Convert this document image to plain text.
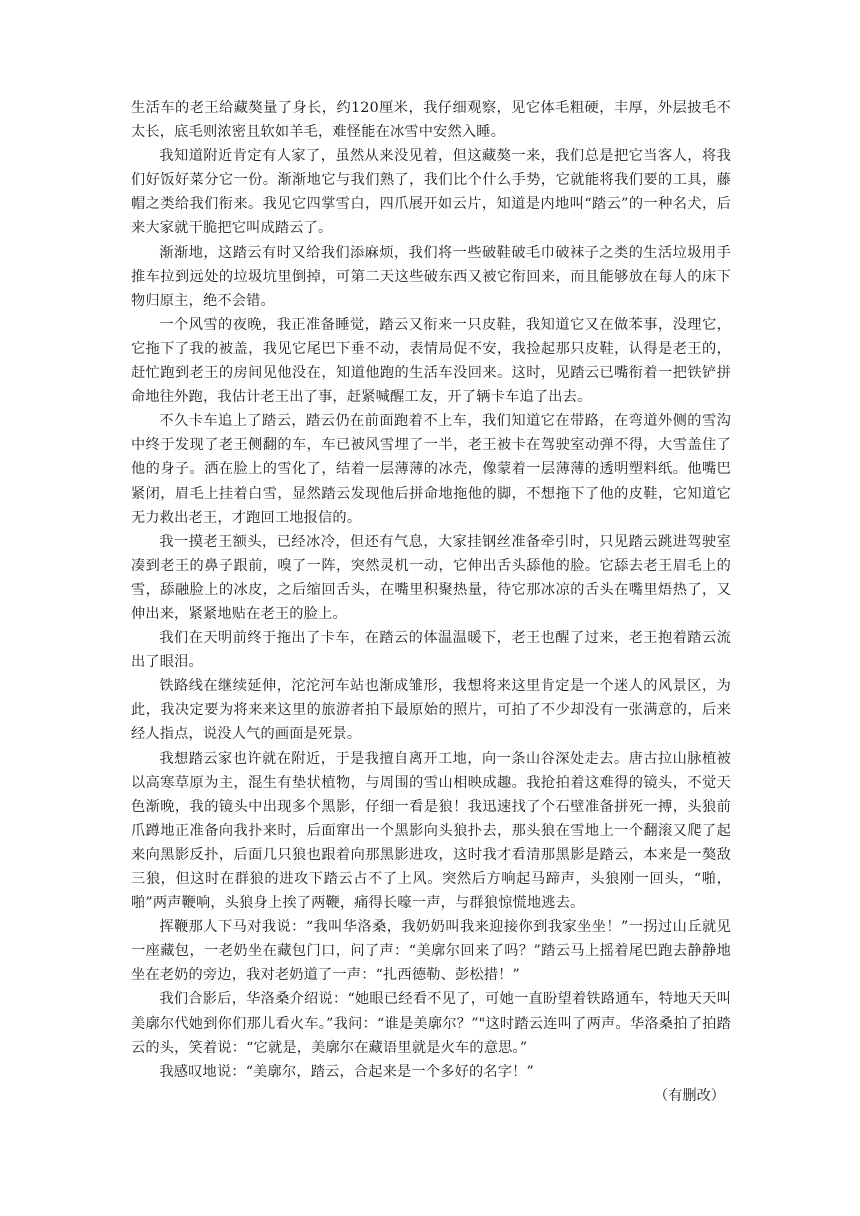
生活车的老王给藏獒量了身长，约120厘米，我仔细观察，见它体毛粗硬，丰厚，外层披毛不太长，底毛则浓密且软如羊毛，难怪能在冰雪中安然入睡。

我知道附近肯定有人家了，虽然从来没见着，但这藏獒一来，我们总是把它当客人，将我们好饭好菜分它一份。渐渐地它与我们熟了，我们比个什么手势，它就能将我们要的工具，藤帽之类给我们衔来。我见它四掌雪白，四爪展开如云片，知道是内地叫“踏云”的一种名犬，后来大家就干脆把它叫成踏云了。

渐渐地，这踏云有时又给我们添麻烦，我们将一些破鞋破毛巾破袜子之类的生活垃圾用手推车拉到远处的垃圾坑里倒掉，可第二天这些破东西又被它衔回来，而且能够放在每人的床下物归原主，绝不会错。

一个风雪的夜晚，我正准备睡觉，踏云又衔来一只皮鞋，我知道它又在做苯事，没理它，它拖下了我的被盖，我见它尾巴下垂不动，表情局促不安，我捡起那只皮鞋，认得是老王的，赶忙跑到老王的房间见他没在，知道他跑的生活车没回来。这时，见踏云已嘴衔着一把铁铲拼命地往外跑，我估计老王出了事，赶紧喊醒工友，开了辆卡车追了出去。

不久卡车追上了踏云，踏云仍在前面跑着不上车，我们知道它在带路，在弯道外侧的雪沟中终于发现了老王侧翻的车，车已被风雪埋了一半，老王被卡在驾驶室动弹不得，大雪盖住了他的身子。洒在脸上的雪化了，结着一层薄薄的冰壳，像蒙着一层薄薄的透明塑料纸。他嘴巴紧闭，眉毛上挂着白雪，显然踏云发现他后拼命地拖他的脚，不想拖下了他的皮鞋，它知道它无力救出老王，才跑回工地报信的。

我一摸老王额头，已经冰冷，但还有气息，大家挂钢丝准备牵引时，只见踏云跳进驾驶室凑到老王的鼻子跟前，嗅了一阵，突然灵机一动，它伸出舌头舔他的脸。它舔去老王眉毛上的雪，舔融脸上的冰皮，之后缩回舌头，在嘴里积聚热量，待它那冰凉的舌头在嘴里焐热了，又伸出来，紧紧地贴在老王的脸上。

我们在天明前终于拖出了卡车，在踏云的体温温暖下，老王也醒了过来，老王抱着踏云流出了眼泪。

铁路线在继续延伸，沱沱河车站也渐成雏形，我想将来这里肯定是一个迷人的风景区，为此，我决定要为将来来这里的旅游者拍下最原始的照片，可拍了不少却没有一张满意的，后来经人指点，说没人气的画面是死景。

我想踏云家也许就在附近，于是我擅自离开工地，向一条山谷深处走去。唐古拉山脉植被以高寒草原为主，混生有垫状植物，与周围的雪山相映成趣。我抢拍着这难得的镜头，不觉天色渐晚，我的镜头中出现多个黑影，仔细一看是狼！我迅速找了个石壁准备拼死一搏，头狼前爪蹲地正准备向我扑来时，后面窜出一个黑影向头狼扑去，那头狼在雪地上一个翻滚又爬了起来向黑影反扑，后面几只狼也跟着向那黑影进攻，这时我才看清那黑影是踏云，本来是一獒敌三狼，但这时在群狼的进攻下踏云占不了上风。突然后方响起马蹄声，头狼刚一回头，“啪，啪”两声鞭响，头狼身上挨了两鞭，痛得长嚎一声，与群狼惊慌地逃去。

挥鞭那人下马对我说：“我叫华洛桑，我奶奶叫我来迎接你到我家坐坐！”一拐过山丘就见一座藏包，一老奶坐在藏包门口，问了声：“美廓尔回来了吗？”踏云马上摇着尾巴跑去静静地坐在老奶的旁边，我对老奶道了一声：“扎西德勒、彭松措！”

我们合影后，华洛桑介绍说：“她眼已经看不见了，可她一直盼望着铁路通车，特地天天叫美廓尔代她到你们那儿看火车。”我问：“谁是美廓尔？”"这时踏云连叫了两声。华洛桑拍了拍踏云的头，笑着说：“它就是，美廓尔在藏语里就是火车的意思。”

我感叹地说：“美廓尔，踏云，合起来是一个多好的名字！”

（有删改）
